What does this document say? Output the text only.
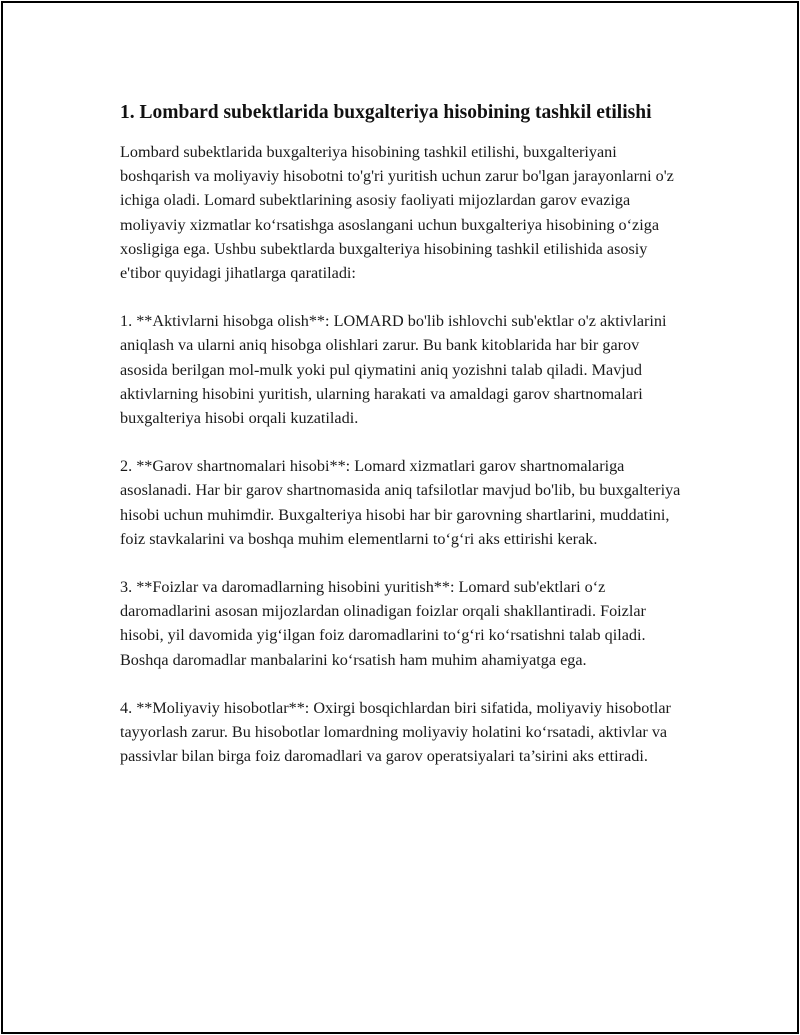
1. Lombard subektlarida buxgalteriya hisobining tashkil etilishi

Lombard subektlarida buxgalteriya hisobining tashkil etilishi, buxgalteriyani boshqarish va moliyaviy hisobotni to'g'ri yuritish uchun zarur bo'lgan jarayonlarni o'z ichiga oladi. Lomard subektlarining asosiy faoliyati mijozlardan garov evaziga moliyaviy xizmatlar ko‘rsatishga asoslangani uchun buxgalteriya hisobining o‘ziga xosligiga ega. Ushbu subektlarda buxgalteriya hisobining tashkil etilishida asosiy e'tibor quyidagi jihatlarga qaratiladi:

1. **Aktivlarni hisobga olish**: LOMARD bo'lib ishlovchi sub'ektlar o'z aktivlarini aniqlash va ularni aniq hisobga olishlari zarur. Bu bank kitoblarida har bir garov asosida berilgan mol-mulk yoki pul qiymatini aniq yozishni talab qiladi. Mavjud aktivlarning hisobini yuritish, ularning harakati va amaldagi garov shartnomalari buxgalteriya hisobi orqali kuzatiladi.

2. **Garov shartnomalari hisobi**: Lomard xizmatlari garov shartnomalariga asoslanadi. Har bir garov shartnomasida aniq tafsilotlar mavjud bo'lib, bu buxgalteriya hisobi uchun muhimdir. Buxgalteriya hisobi har bir garovning shartlarini, muddatini, foiz stavkalarini va boshqa muhim elementlarni to‘g‘ri aks ettirishi kerak.

3. **Foizlar va daromadlarning hisobini yuritish**: Lomard sub'ektlari o‘z daromadlarini asosan mijozlardan olinadigan foizlar orqali shakllantiradi. Foizlar hisobi, yil davomida yig‘ilgan foiz daromadlarini to‘g‘ri ko‘rsatishni talab qiladi. Boshqa daromadlar manbalarini ko‘rsatish ham muhim ahamiyatga ega.

4. **Moliyaviy hisobotlar**: Oxirgi bosqichlardan biri sifatida, moliyaviy hisobotlar tayyorlash zarur. Bu hisobotlar lomardning moliyaviy holatini ko‘rsatadi, aktivlar va passivlar bilan birga foiz daromadlari va garov operatsiyalari ta’sirini aks ettiradi.
